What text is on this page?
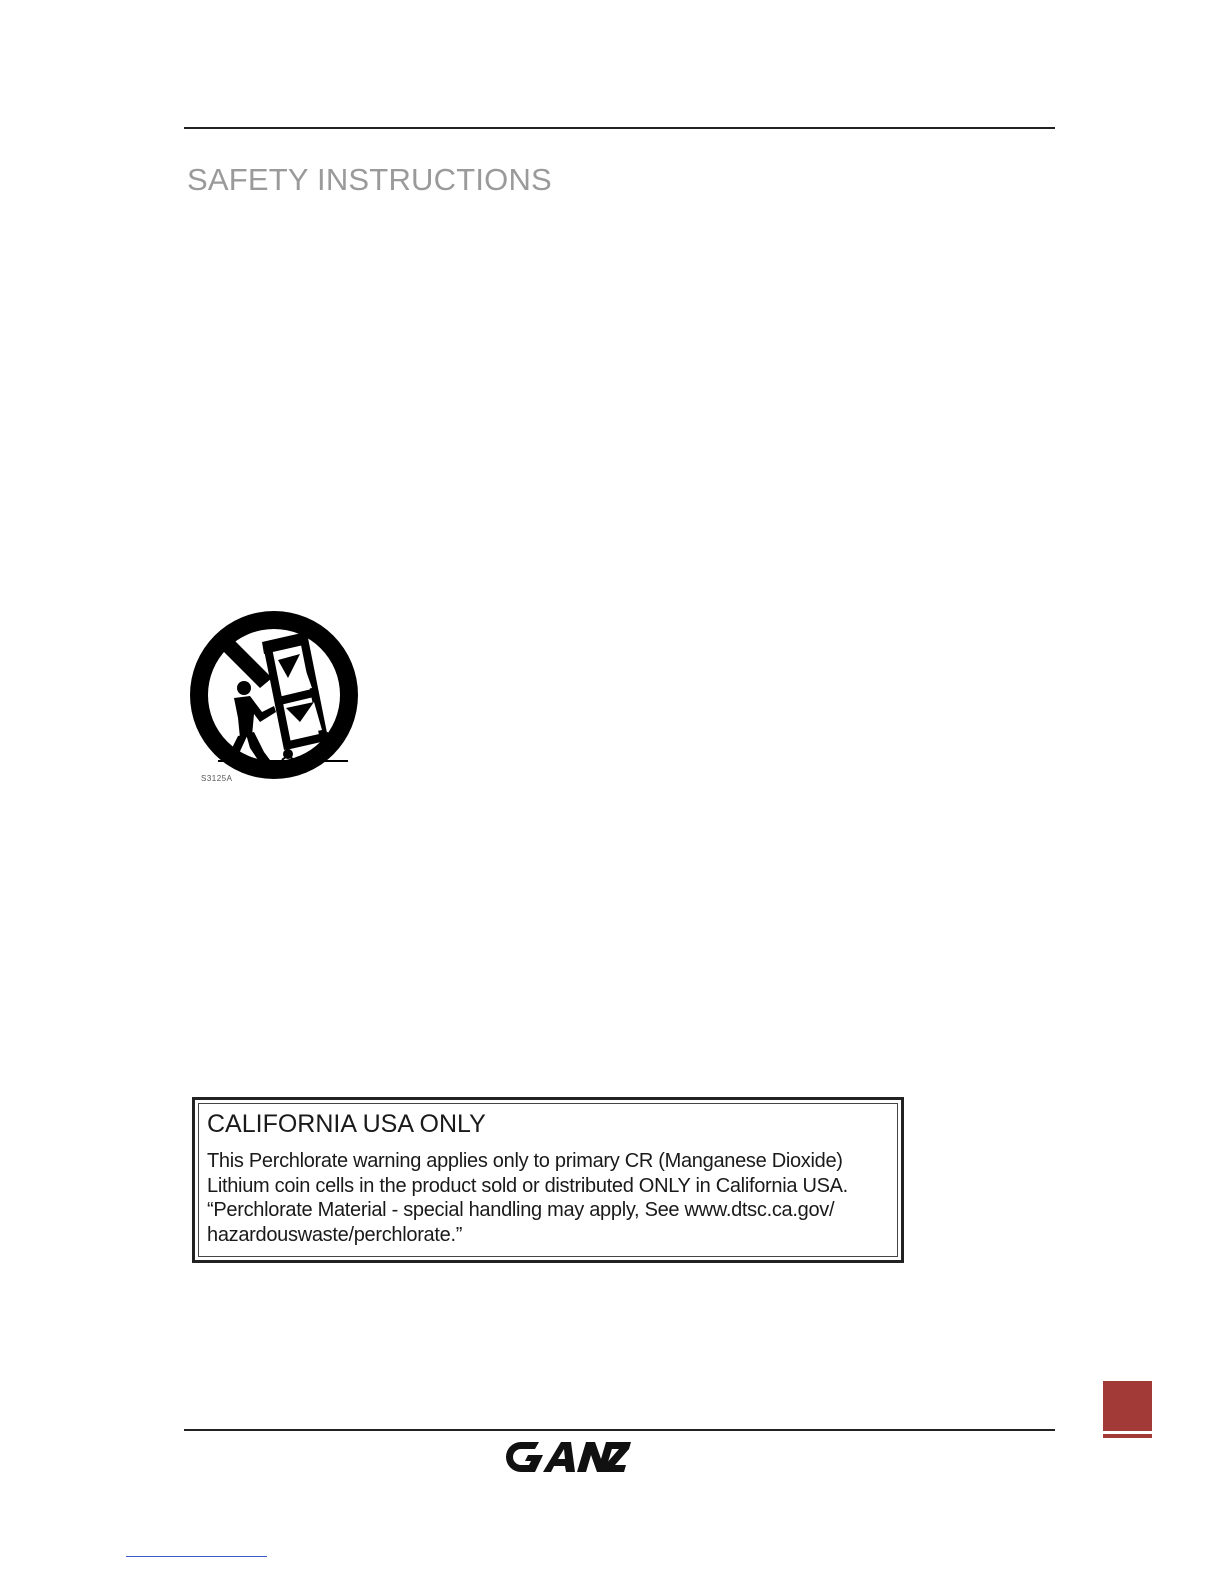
SAFETY INSTRUCTIONS
S3125A
CALIFORNIA USA ONLY
This Perchlorate warning applies only to primary CR (Manganese Dioxide)
Lithium coin cells in the product sold or distributed ONLY in California USA.
“Perchlorate Material - special handling may apply, See www.dtsc.ca.gov/
hazardouswaste/perchlorate.”
